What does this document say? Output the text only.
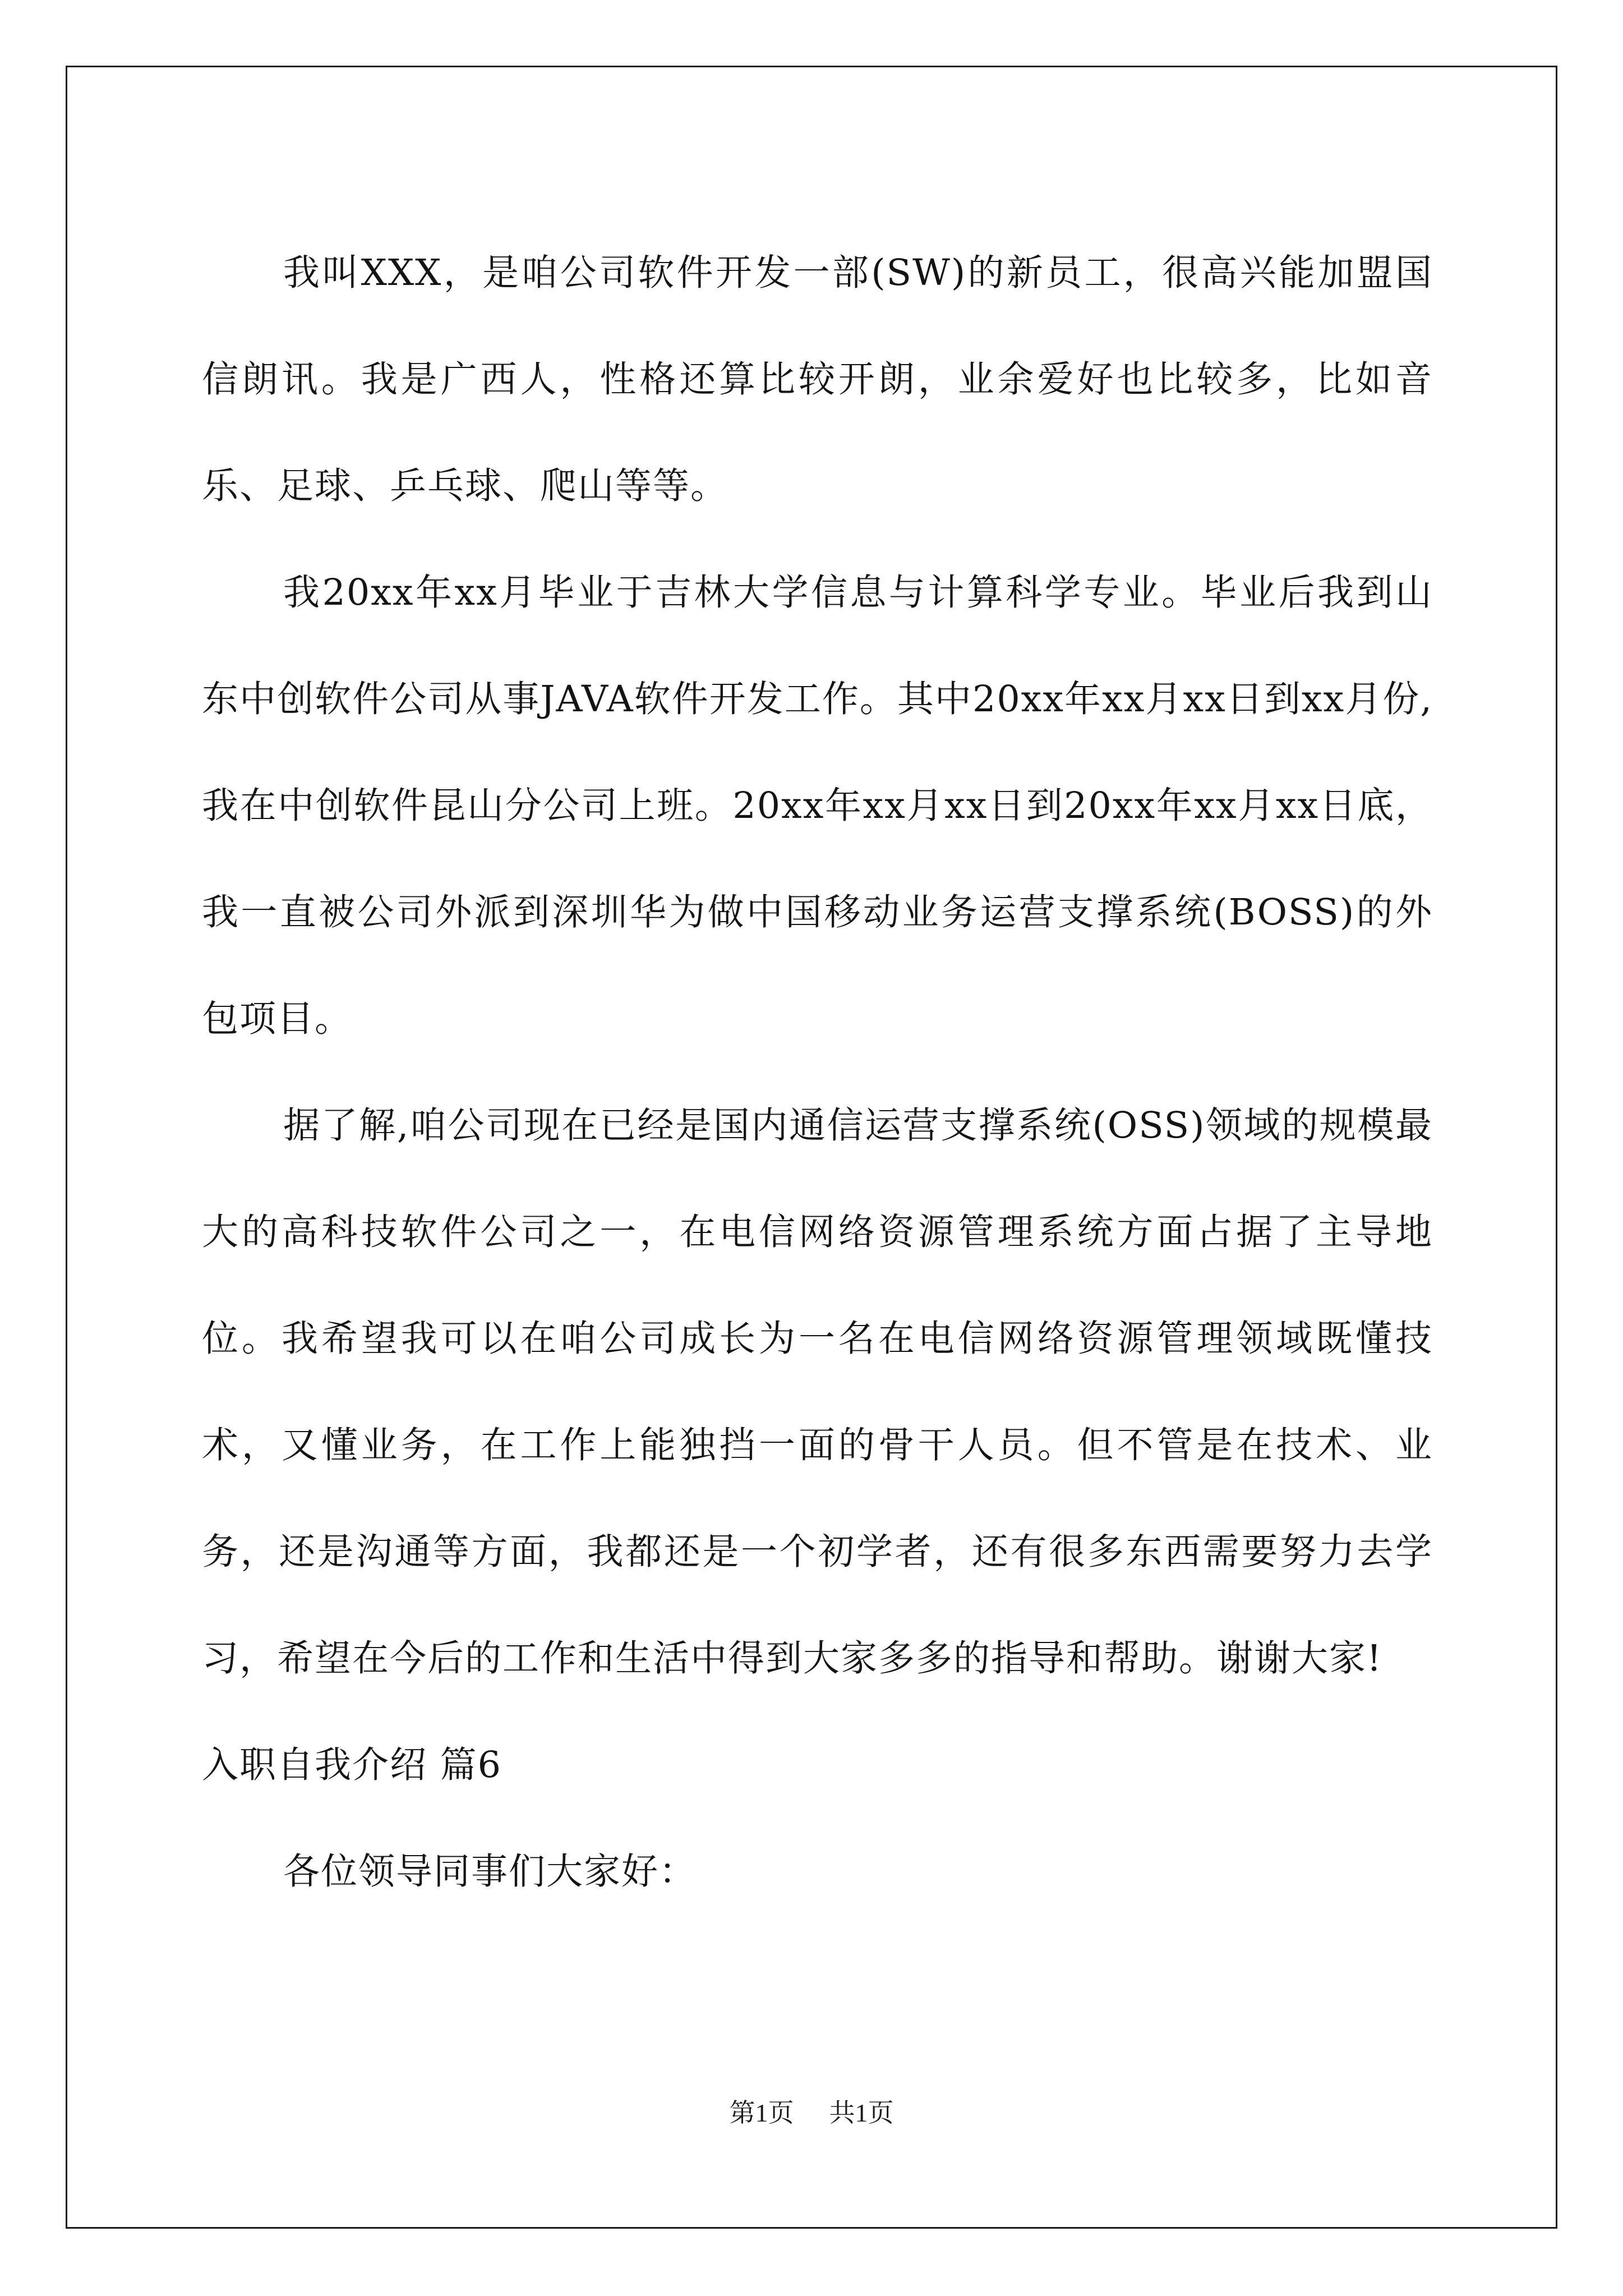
我叫XXX，是咱公司软件开发一部(SW)的新员工，很高兴能加盟国信朗讯。我是广西人，性格还算比较开朗，业余爱好也比较多，比如音乐、足球、乒乓球、爬山等等。

我20xx年xx月毕业于吉林大学信息与计算科学专业。毕业后我到山东中创软件公司从事JAVA软件开发工作。其中20xx年xx月xx日到xx月份,我在中创软件昆山分公司上班。20xx年xx月xx日到20xx年xx月xx日底，我一直被公司外派到深圳华为做中国移动业务运营支撑系统(BOSS)的外包项目。

据了解,咱公司现在已经是国内通信运营支撑系统(OSS)领域的规模最大的高科技软件公司之一，在电信网络资源管理系统方面占据了主导地位。我希望我可以在咱公司成长为一名在电信网络资源管理领域既懂技术，又懂业务，在工作上能独挡一面的骨干人员。但不管是在技术、业务，还是沟通等方面，我都还是一个初学者，还有很多东西需要努力去学习，希望在今后的工作和生活中得到大家多多的指导和帮助。谢谢大家!

入职自我介绍 篇6

各位领导同事们大家好：

第1页 共1页
